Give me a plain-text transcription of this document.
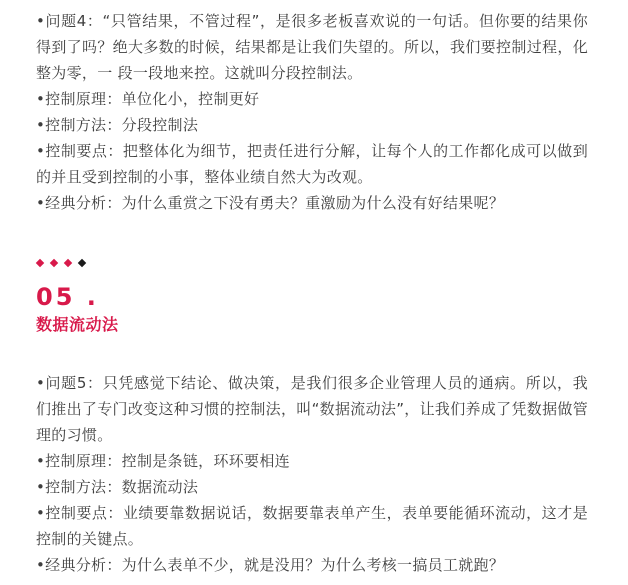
•问题4：“只管结果，不管过程”，是很多老板喜欢说的一句话。但你要的结果你得到了吗？绝大多数的时候，结果都是让我们失望的。所以，我们要控制过程，化整为零，一 段一段地来控。这就叫分段控制法。

•控制原理：单位化小，控制更好

•控制方法：分段控制法

•控制要点：把整体化为细节，把责任进行分解，让每个人的工作都化成可以做到的并且受到控制的小事，整体业绩自然大为改观。

•经典分析：为什么重赏之下没有勇夫？重激励为什么没有好结果呢？

05 .
数据流动法

•问题5：只凭感觉下结论、做决策，是我们很多企业管理人员的通病。所以，我们推出了专门改变这种习惯的控制法，叫“数据流动法”，让我们养成了凭数据做管理的习惯。

•控制原理：控制是条链，环环要相连

•控制方法：数据流动法

•控制要点：业绩要靠数据说话，数据要靠表单产生，表单要能循环流动，这才是控制的关键点。

•经典分析：为什么表单不少，就是没用？为什么考核一搞员工就跑？
